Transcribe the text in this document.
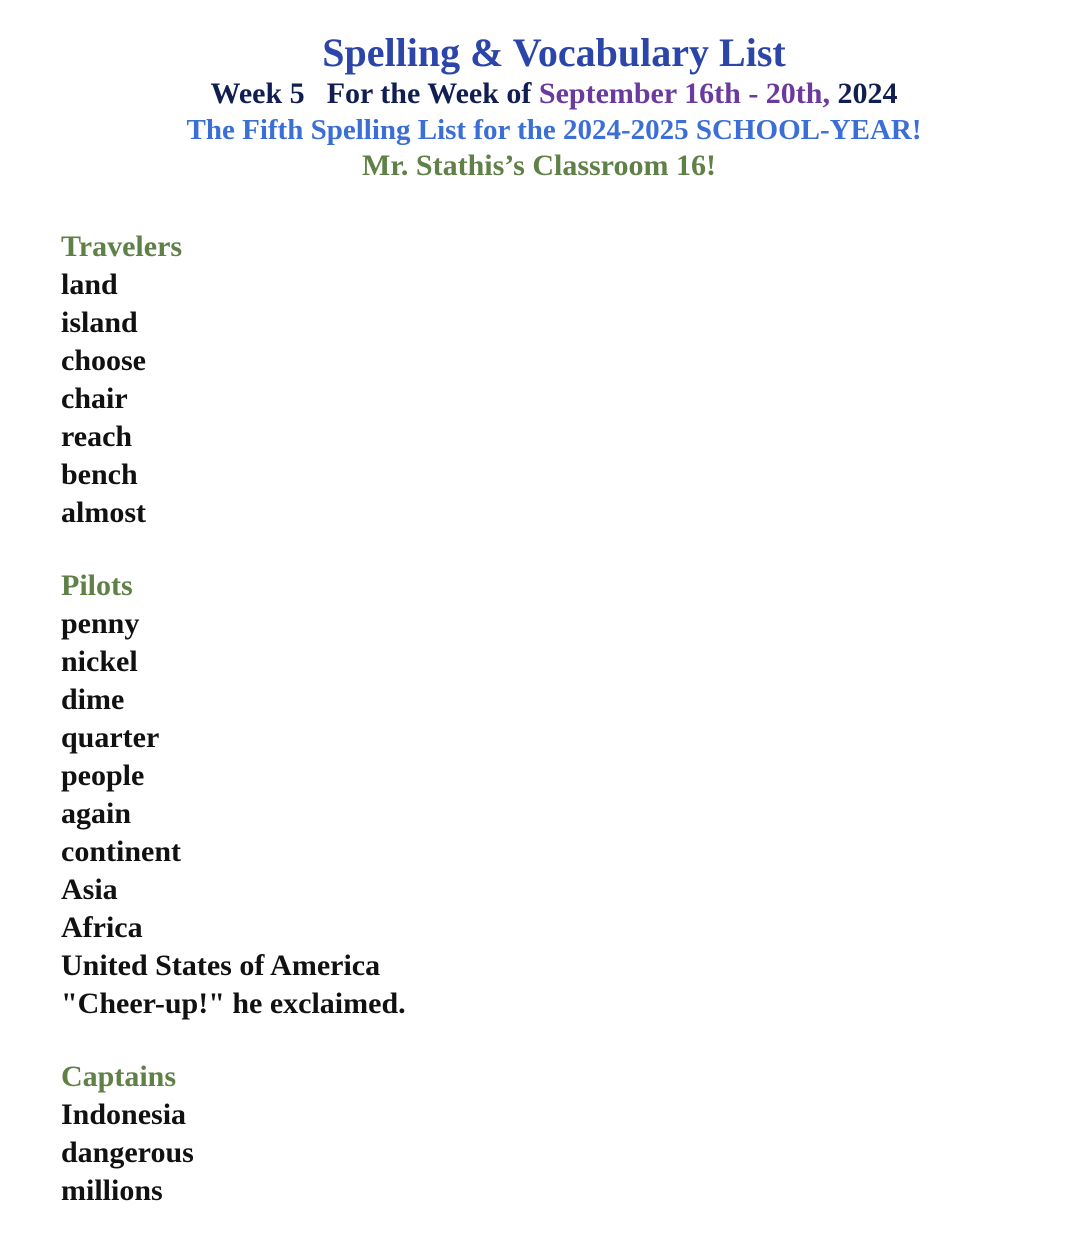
Spelling & Vocabulary List
Week 5 For the Week of September 16th - 20th, 2024
The Fifth Spelling List for the 2024-2025 SCHOOL-YEAR!
Mr. Stathis’s Classroom 16!
Travelers
land
island
choose
chair
reach
bench
almost
Pilots
penny
nickel
dime
quarter
people
again
continent
Asia
Africa
United States of America
"Cheer-up!" he exclaimed.
Captains
Indonesia
dangerous
millions
